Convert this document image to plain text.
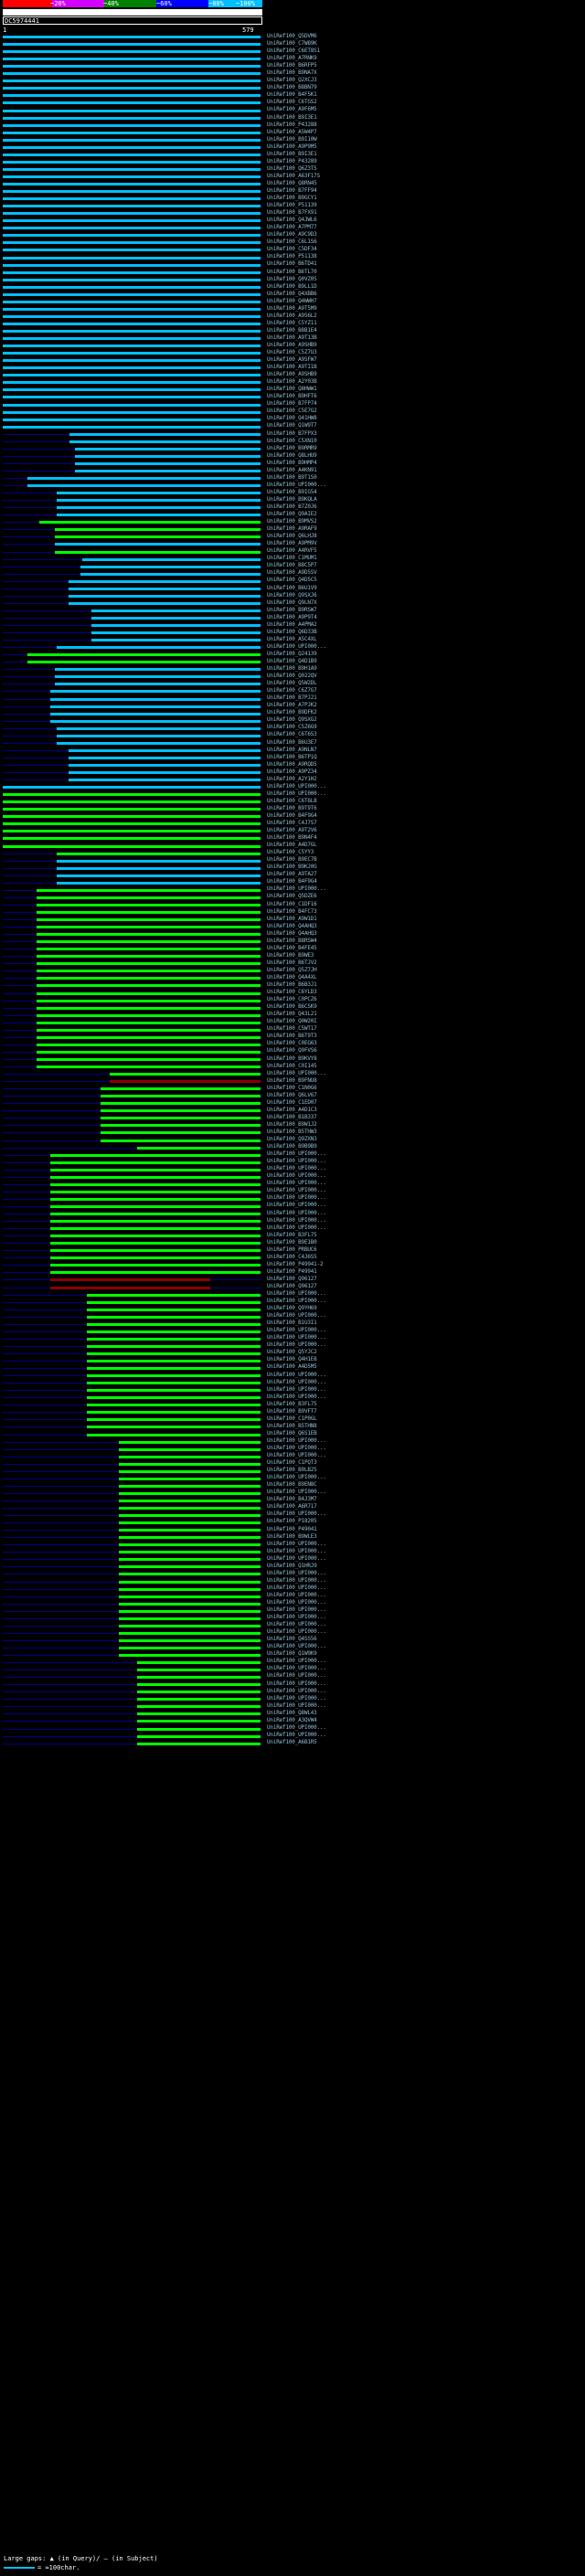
~20%	~40%	~60%	~80% ~100%
DC5974441
1	579
UniRef100_Q5DVM6
UniRef100_C7W89K
UniRef100_C6ET8S1
UniRef100_A7RNK9
UniRef100_B6RFP5
UniRef100_B9NA7X
UniRef100_Q2XCJ3
UniRef100_B8BN79
UniRef100_B4F5K1
UniRef100_C6TGS2
UniRef100_A9F6M5
UniRef100_B9I3E1
UniRef100_P43288
UniRef100_A5W4P7
UniRef100_B9I10W
UniRef100_A9P9M5
UniRef100_B9I3E1
UniRef100_P43289
UniRef100_Q6Z3T5
UniRef100_A63F17S
UniRef100_Q8RN45
UniRef100_B7FF94
UniRef100_B9GCY1
UniRef100_P51139
UniRef100_B7FX91
UniRef100_Q4JWL6
UniRef100_A7PM77
UniRef100_A9C9D3
UniRef100_C6L1S6
UniRef100_C5DF34
UniRef100_P51138
UniRef100_B6TD41
UniRef100_B6TL70
UniRef100_Q0VZ05
UniRef100_B9LL1D
UniRef100_Q4XBB6
UniRef100_Q4WWH7
UniRef100_A9T5M9
UniRef100_A9S6L2
UniRef100_C5YZ11
UniRef100_B8B1E4
UniRef100_A9T13B
UniRef100_A9SHB9
UniRef100_C5Z7U3
UniRef100_A9SFW7
UniRef100_A9TI1B
UniRef100_A9SHB9
UniRef100_A2Y03B
UniRef100_Q8HWW1
UniRef100_B9HFT6
UniRef100_B7FP74
UniRef100_C5E7G2
UniRef100_Q41HW8
UniRef100_Q1W9T7
UniRef100_B7FPX3
UniRef100_C5XN10
UniRef100_B9RMR9
UniRef100_Q8LHU9
UniRef100_B9HMP4
UniRef100_A4KN91
UniRef100_B9T1S0
UniRef100_UPI000...
UniRef100_B9IG54
UniRef100_B9KQLA
UniRef100_B7Z0J6
UniRef100_Q9AIE2
UniRef100_B9MVS2
UniRef100_A9RAF9
UniRef100_Q6LHJ8
UniRef100_A9PM9V
UniRef100_A4RVF5
UniRef100_C1MUM1
UniRef100_B8C5P7
UniRef100_A9D5SV
UniRef100_Q4D5C5
UniRef100_B6U1V9
UniRef100_Q9SXJ6
UniRef100_Q9LN7X
UniRef100_B9RSW7
UniRef100_A9P9T4
UniRef100_A4PMA2
UniRef100_Q6D33B
UniRef100_A5C4XL
UniRef100_UPI000...
UniRef100_Q24139
UniRef100_Q4D1B9
UniRef100_B9H1A9
UniRef100_Q022QV
UniRef100_Q5W2DL
UniRef100_C6Z7G7
UniRef100_B7PJ21
UniRef100_A7PJK2
UniRef100_B9DFK2
UniRef100_Q9SXG2
UniRef100_C5Z6G9
UniRef100_C6T6S3
UniRef100_B6U3E7
UniRef100_A9NLN7
UniRef100_B6TP1Q
UniRef100_A9RQD5
UniRef100_A9PZ34
UniRef100_A2Y1H2
UniRef100_UPI000...
UniRef100_UPI000...
UniRef100_C6T6L8
UniRef100_B9T9T6
UniRef100_B4F9G4
UniRef100_C4J7S7
UniRef100_A9T2V6
UniRef100_B9N4F4
UniRef100_A4D7GL
UniRef100_C5YY3
UniRef100_B9EC7B
UniRef100_B9KJ0G
UniRef100_A9TA27
UniRef100_B4F9G4
UniRef100_UPI000...
UniRef100_Q5DZE6
UniRef100_C1DF16
UniRef100_B4FC73
UniRef100_A9W1D1
UniRef100_Q4AHQ3
UniRef100_Q4AHQ3
UniRef100_B8RSW4
UniRef100_B4FE45
UniRef100_B9WE3
UniRef100_B6TJV2
UniRef100_Q5Z7JH
UniRef100_Q4A4XL
UniRef100_B6B3J1
UniRef100_C6YLD3
UniRef100_C0PCZ6
UniRef100_B6CSK9
UniRef100_Q43L21
UniRef100_Q0W20I
UniRef100_C5WT17
UniRef100_B6T9T3
UniRef100_C0EG63
UniRef100_Q9FVS6
UniRef100_B9KVY8
UniRef100_C0I145
UniRef100_UPI000...
UniRef100_B9FNU8
UniRef100_C1N0G6
UniRef100_Q6LV67
UniRef100_C1ED07
UniRef100_A4D1C3
UniRef100_B1B337
UniRef100_B9W1J2
UniRef100_B5THW3
UniRef100_Q9ZXN3
UniRef100_B9B9B9
UniRef100_UPI000...
UniRef100_UPI000...
UniRef100_UPI000...
UniRef100_UPI000...
UniRef100_UPI000...
UniRef100_UPI000...
UniRef100_UPI000...
UniRef100_UPI000...
UniRef100_UPI000...
UniRef100_UPI000...
UniRef100_UPI000...
UniRef100_B3FL75
UniRef100_B9E1B0
UniRef100_PRBUC6
UniRef100_C4J6S5
UniRef100_P49941-2
UniRef100_P49941
UniRef100_Q96127
UniRef100_Q96127
UniRef100_UPI000...
UniRef100_UPI000...
UniRef100_Q9YH69
UniRef100_UPI000...
UniRef100_B1U3I1
UniRef100_UPI000...
UniRef100_UPI000...
UniRef100_UPI000...
UniRef100_Q5YJC2
UniRef100_Q4H1E8
UniRef100_A4D5M5
UniRef100_UPI000...
UniRef100_UPI000...
UniRef100_UPI000...
UniRef100_UPI000...
UniRef100_B3FL75
UniRef100_B9VFT7
UniRef100_C1P0GL
UniRef100_B5THN8
UniRef100_Q6S1EB
UniRef100_UPI000...
UniRef100_UPI000...
UniRef100_UPI000...
UniRef100_C1PQT3
UniRef100_B9LB25
UniRef100_UPI000...
UniRef100_B9EN8C
UniRef100_UPI000...
UniRef100_B4J3M7
UniRef100_A6R717
UniRef100_UPI000...
UniRef100_P18205
UniRef100_P49041
UniRef100_B9WLE3
UniRef100_UPI000...
UniRef100_UPI000...
UniRef100_UPI000...
UniRef100_Q1HRJ9
UniRef100_UPI000...
UniRef100_UPI000...
UniRef100_UPI000...
UniRef100_UPI000...
UniRef100_UPI000...
UniRef100_UPI000...
UniRef100_UPI000...
UniRef100_UPI000...
UniRef100_UPI000...
UniRef100_Q4SS56
UniRef100_UPI000...
UniRef100_Q1W9K9
UniRef100_UPI000...
UniRef100_UPI000...
UniRef100_UPI000...
UniRef100_UPI000...
UniRef100_UPI000...
UniRef100_UPI000...
UniRef100_UPI000...
UniRef100_Q8WL43
UniRef100_A3QVW4
UniRef100_UPI000...
UniRef100_UPI000...
UniRef100_A6B1R5
Large gaps: ▲ (in Query)/ — (in Subject)
= ≈100char.
